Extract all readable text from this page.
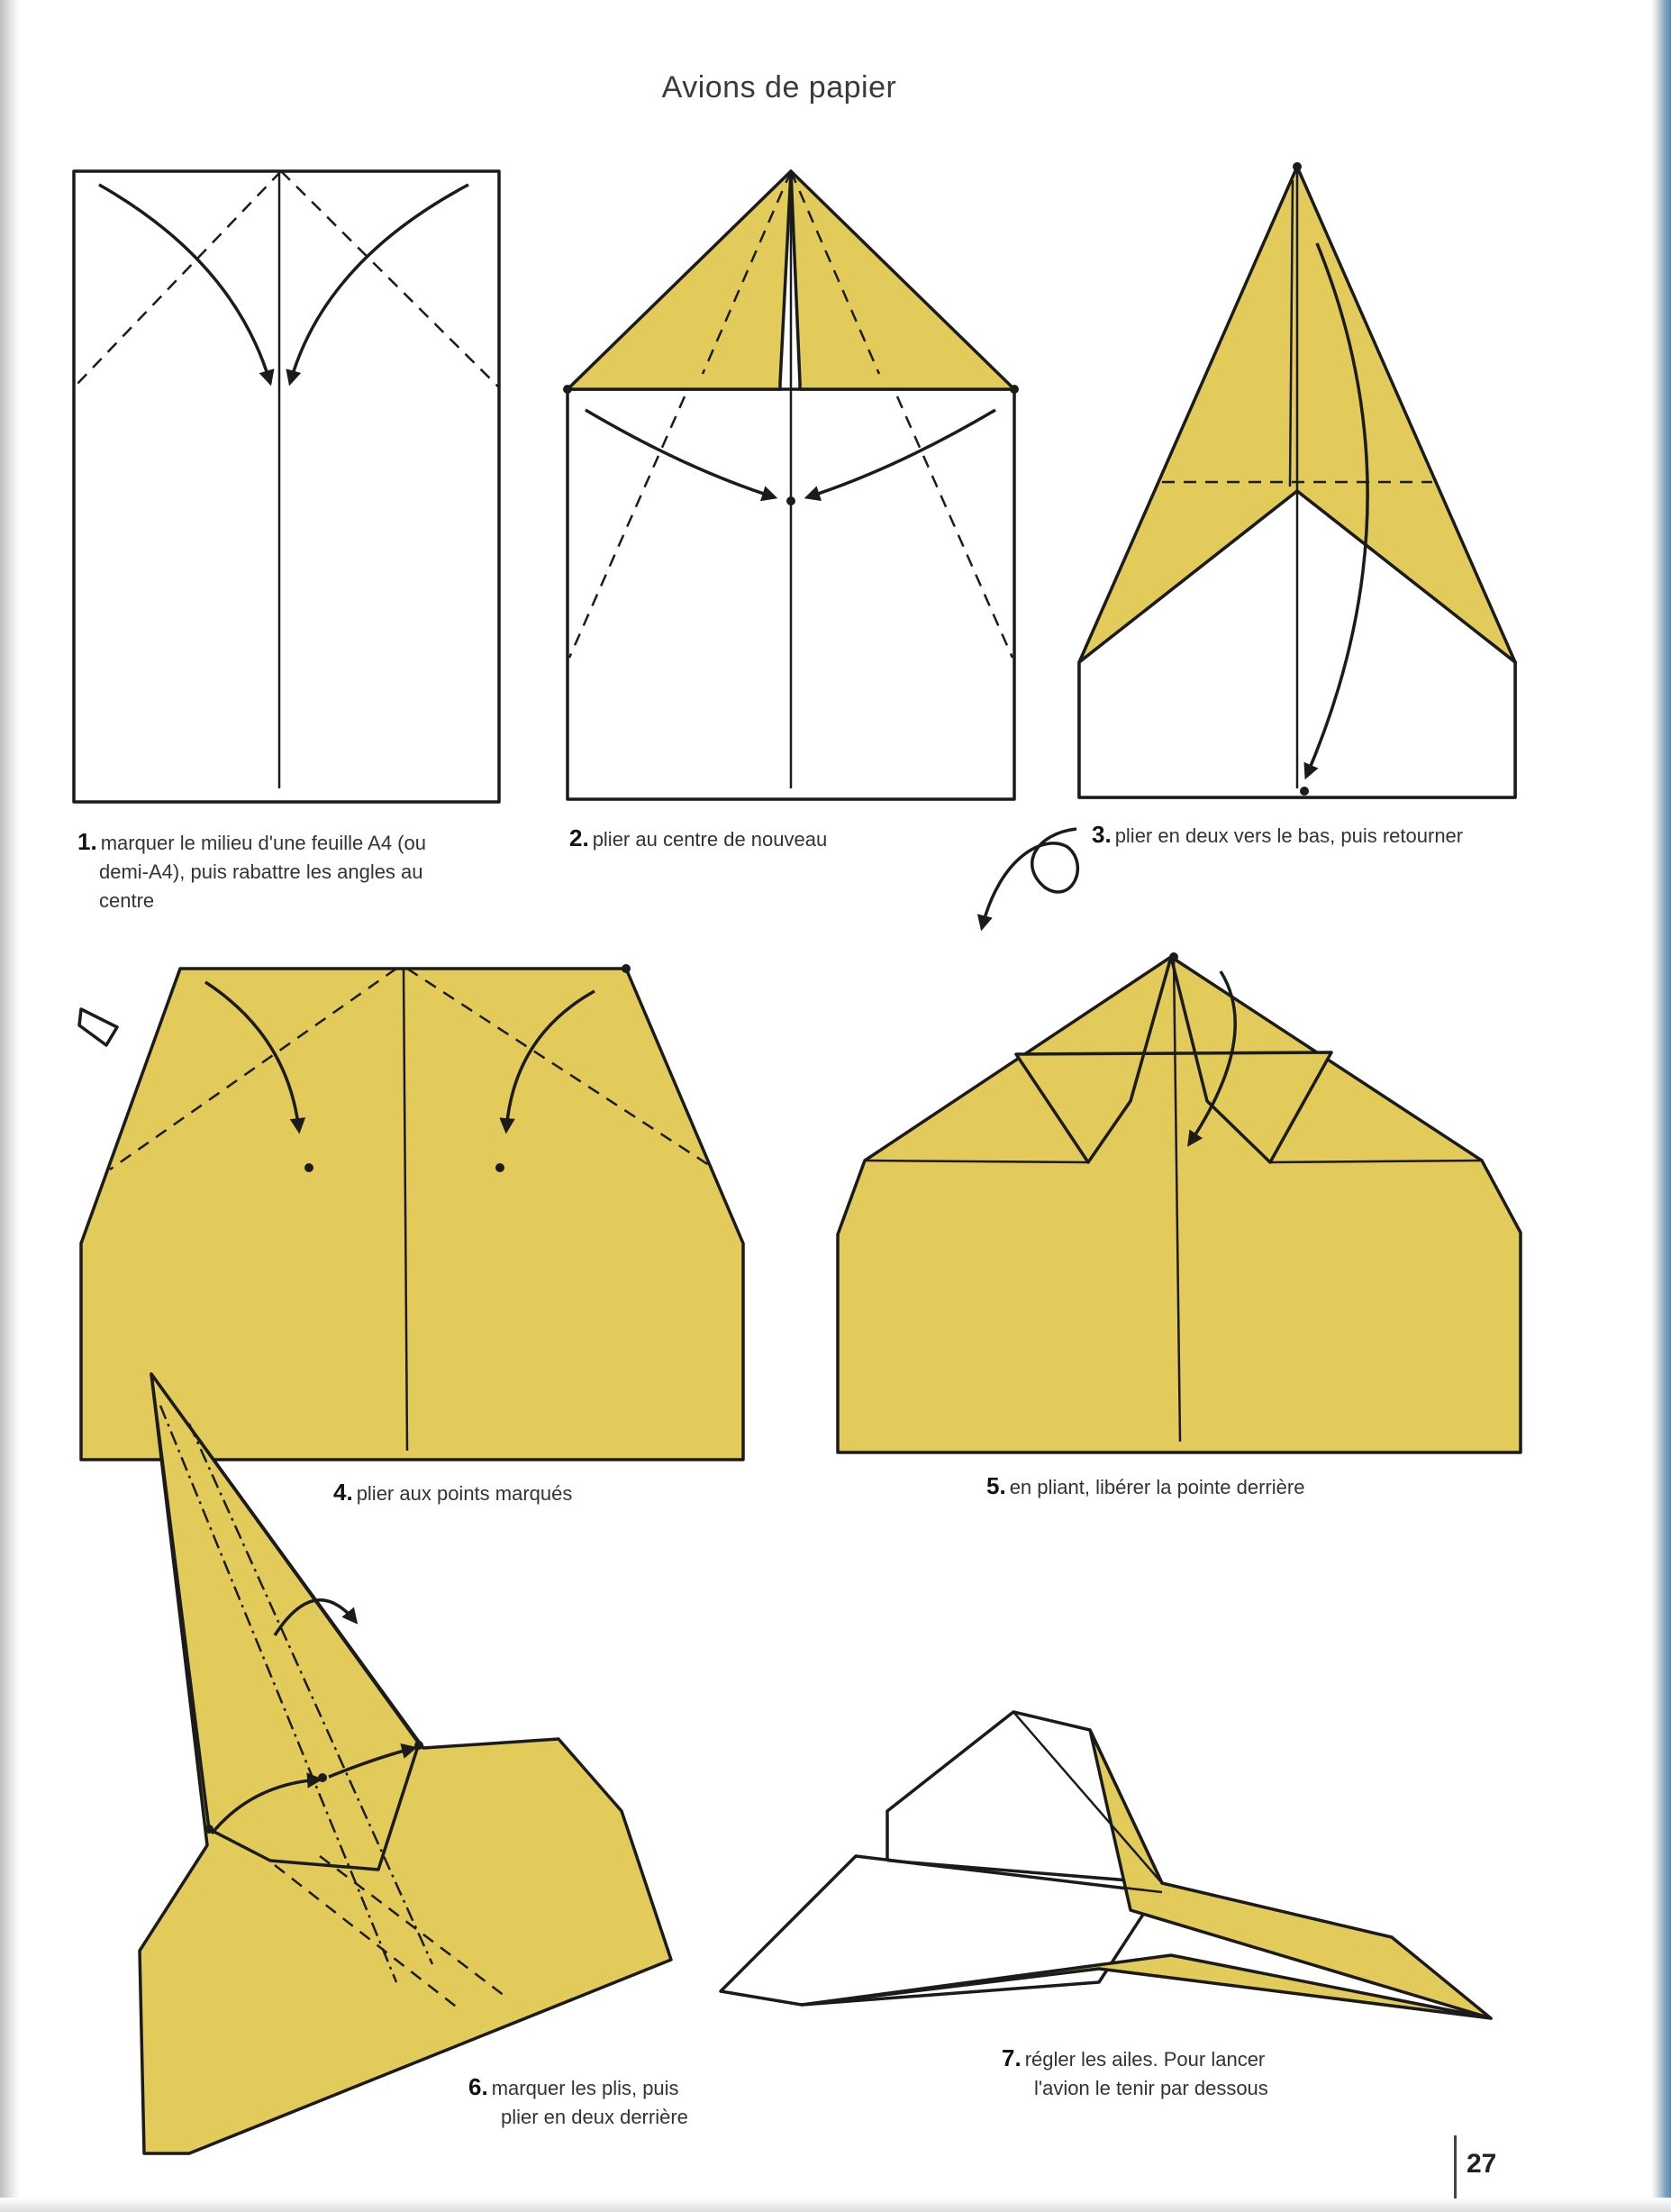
Avions de papier
1. marquer le milieu d'une feuille A4 (ou
demi-A4), puis rabattre les angles au
centre
2. plier au centre de nouveau	3. plier en deux vers le bas, puis retourner
4. plier aux points marqués	5. en pliant, libérer la pointe derrière
6. marquer les plis, puis
plier en deux derrière
7. régler les ailes. Pour lancer
l'avion le tenir par dessous
27
